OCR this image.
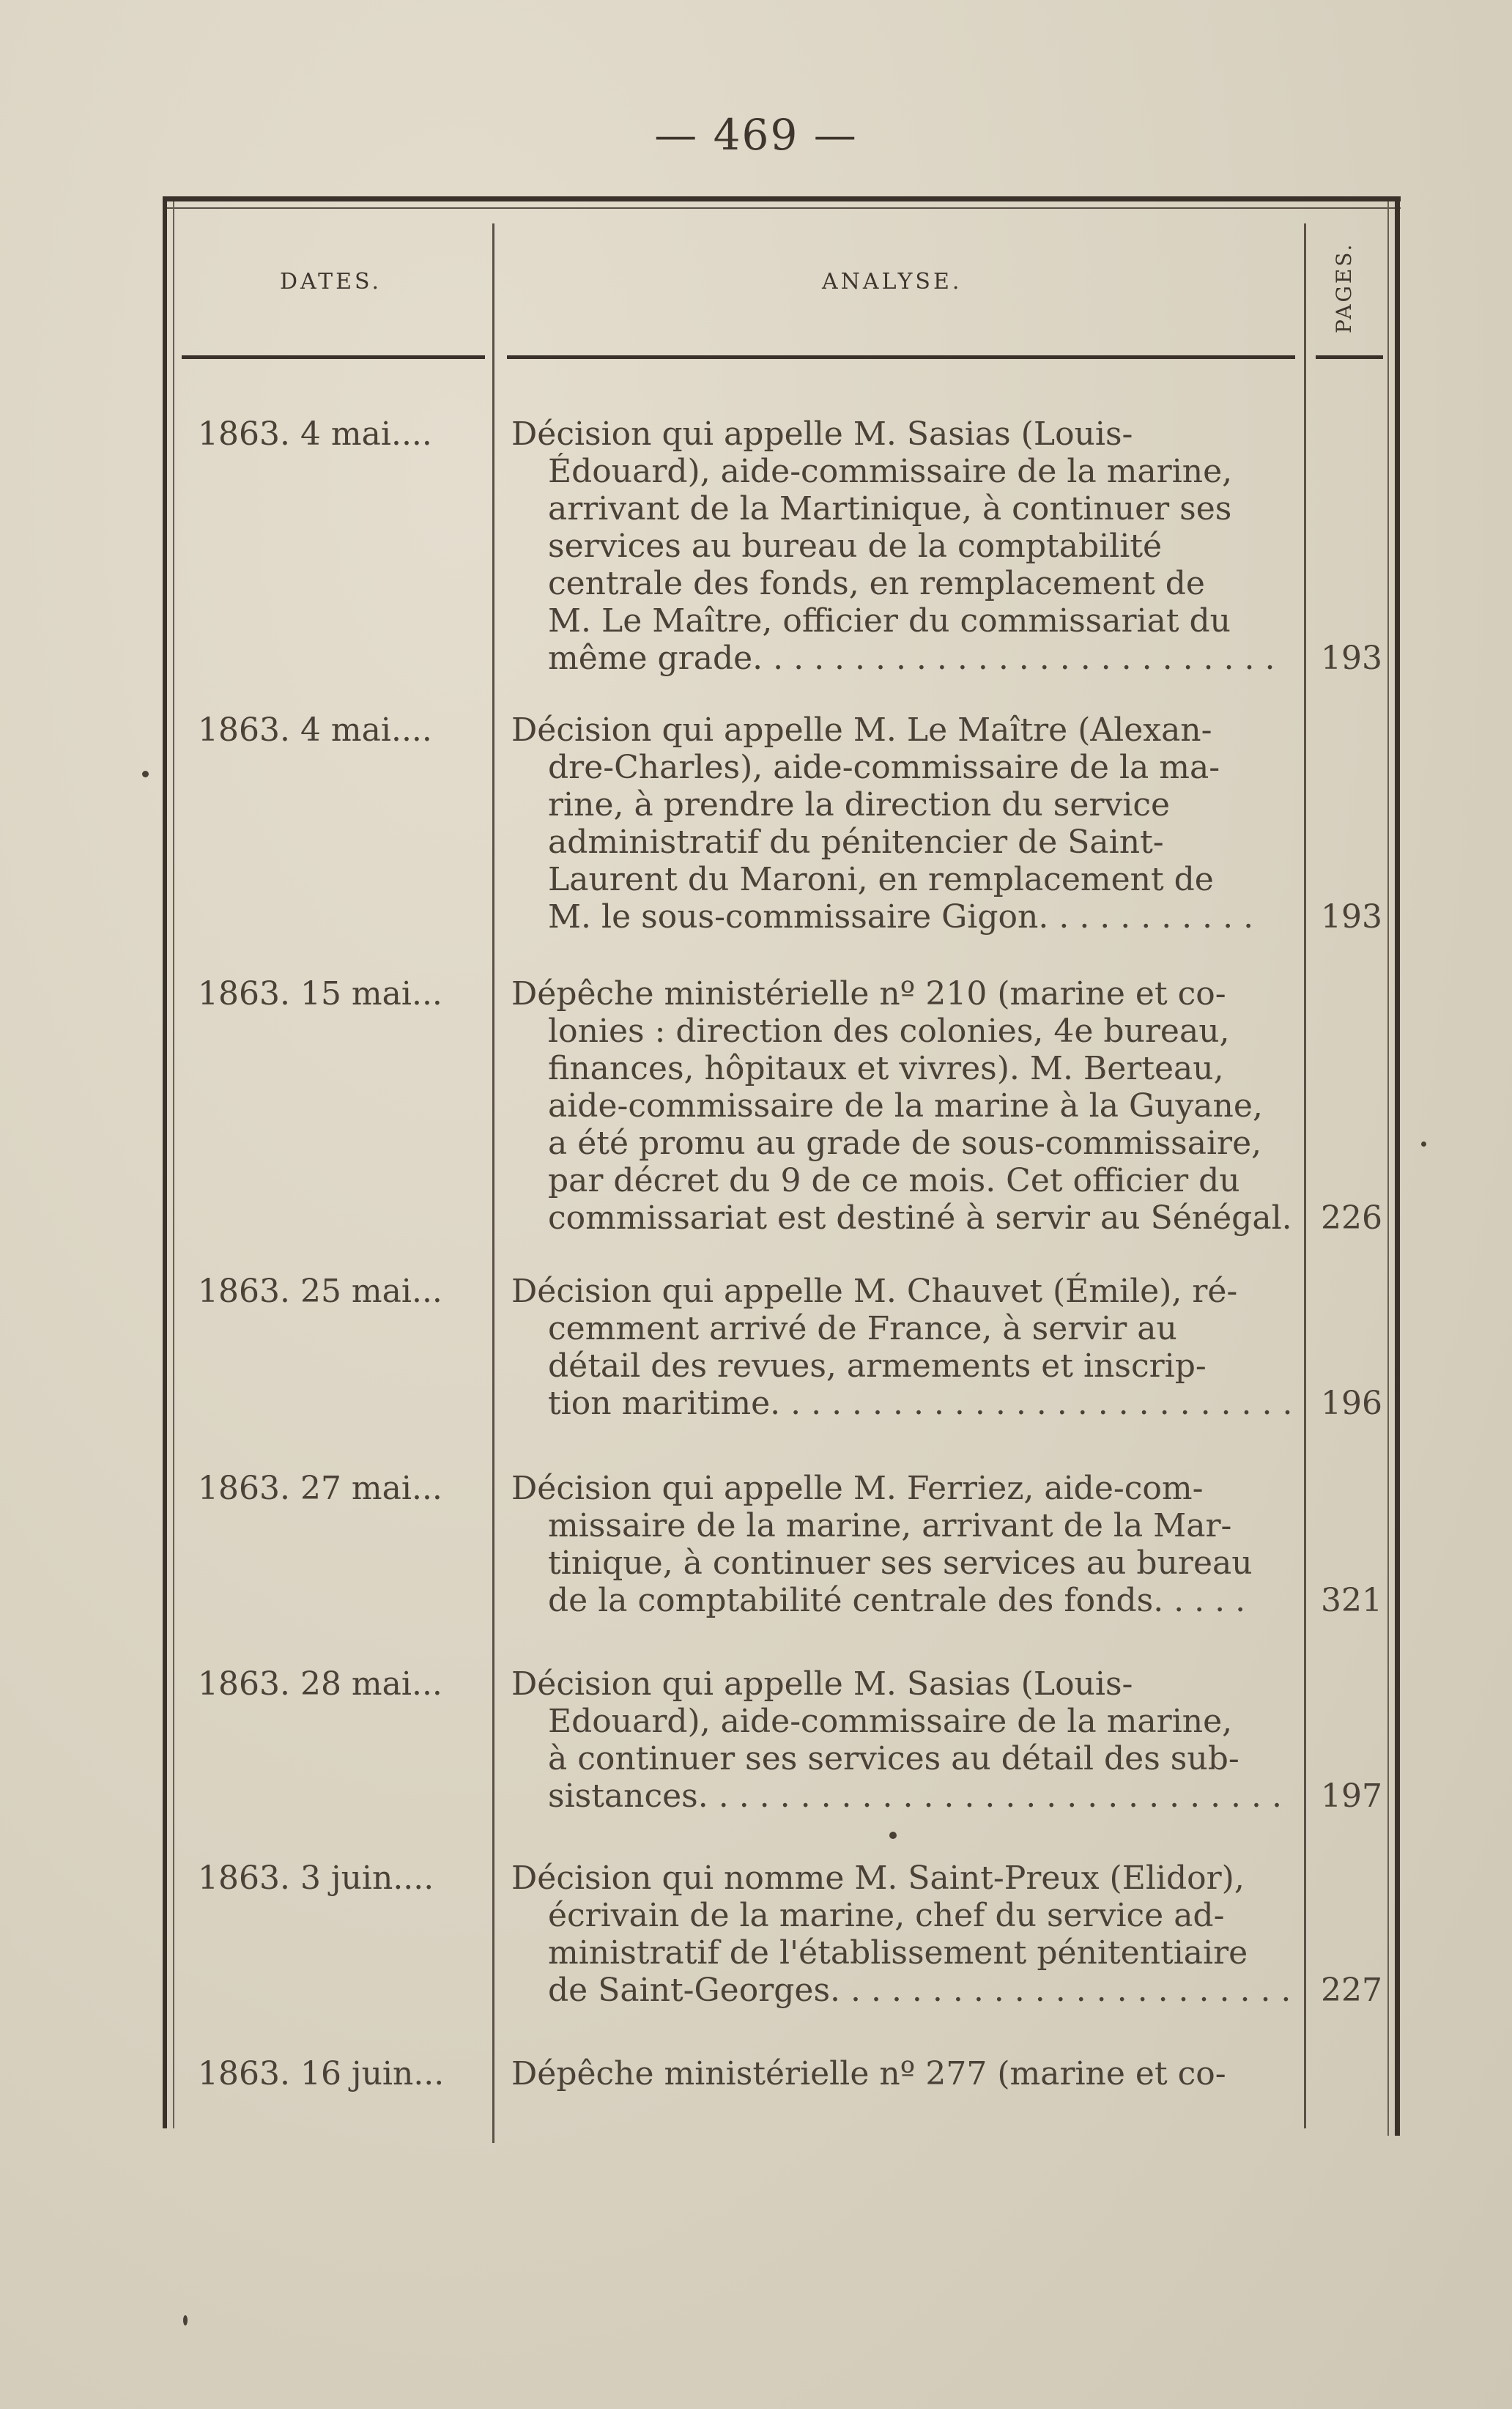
— 469 —
DATES.	ANALYSE.	PAGES.
1863. 4 mai.... Décision qui appelle M. Sasias (Louis-
Édouard), aide-commissaire de la marine,
arrivant de la Martinique, à continuer ses
services au bureau de la comptabilité
centrale des fonds, en remplacement de
M. Le Maître, officier du commissariat du
même grade. . . . . . . . . . . . . . . . . . . . . . . . . .	193
1863. 4 mai.... Décision qui appelle M. Le Maître (Alexan-
dre-Charles), aide-commissaire de la ma-
rine, à prendre la direction du service
administratif du pénitencier de Saint-
Laurent du Maroni, en remplacement de
M. le sous-commissaire Gigon. . . . . . . . . . .	193
1863. 15 mai... Dépêche ministérielle nº 210 (marine et co-
lonies : direction des colonies, 4e bureau,
finances, hôpitaux et vivres). M. Berteau,
aide-commissaire de la marine à la Guyane,
a été promu au grade de sous-commissaire,
par décret du 9 de ce mois. Cet officier du
commissariat est destiné à servir au Sénégal. 226
1863. 25 mai... Décision qui appelle M. Chauvet (Émile), ré-
cemment arrivé de France, à servir au
détail des revues, armements et inscrip-
tion maritime. . . . . . . . . . . . . . . . . . . . . . . . . . 196
1863. 27 mai... Décision qui appelle M. Ferriez, aide-com-
missaire de la marine, arrivant de la Mar-
tinique, à continuer ses services au bureau
de la comptabilité centrale des fonds. . . . .	321
1863. 28 mai... Décision qui appelle M. Sasias (Louis-
Edouard), aide-commissaire de la marine,
à continuer ses services au détail des sub-
sistances. . . . . . . . . . . . . . . . . . . . . . . . . . . . .	197
1863. 3 juin.... Décision qui nomme M. Saint-Preux (Elidor),
écrivain de la marine, chef du service ad-
ministratif de l'établissement pénitentiaire
de Saint-Georges. . . . . . . . . . . . . . . . . . . . . . . 227
1863. 16 juin... Dépêche ministérielle nº 277 (marine et co-
